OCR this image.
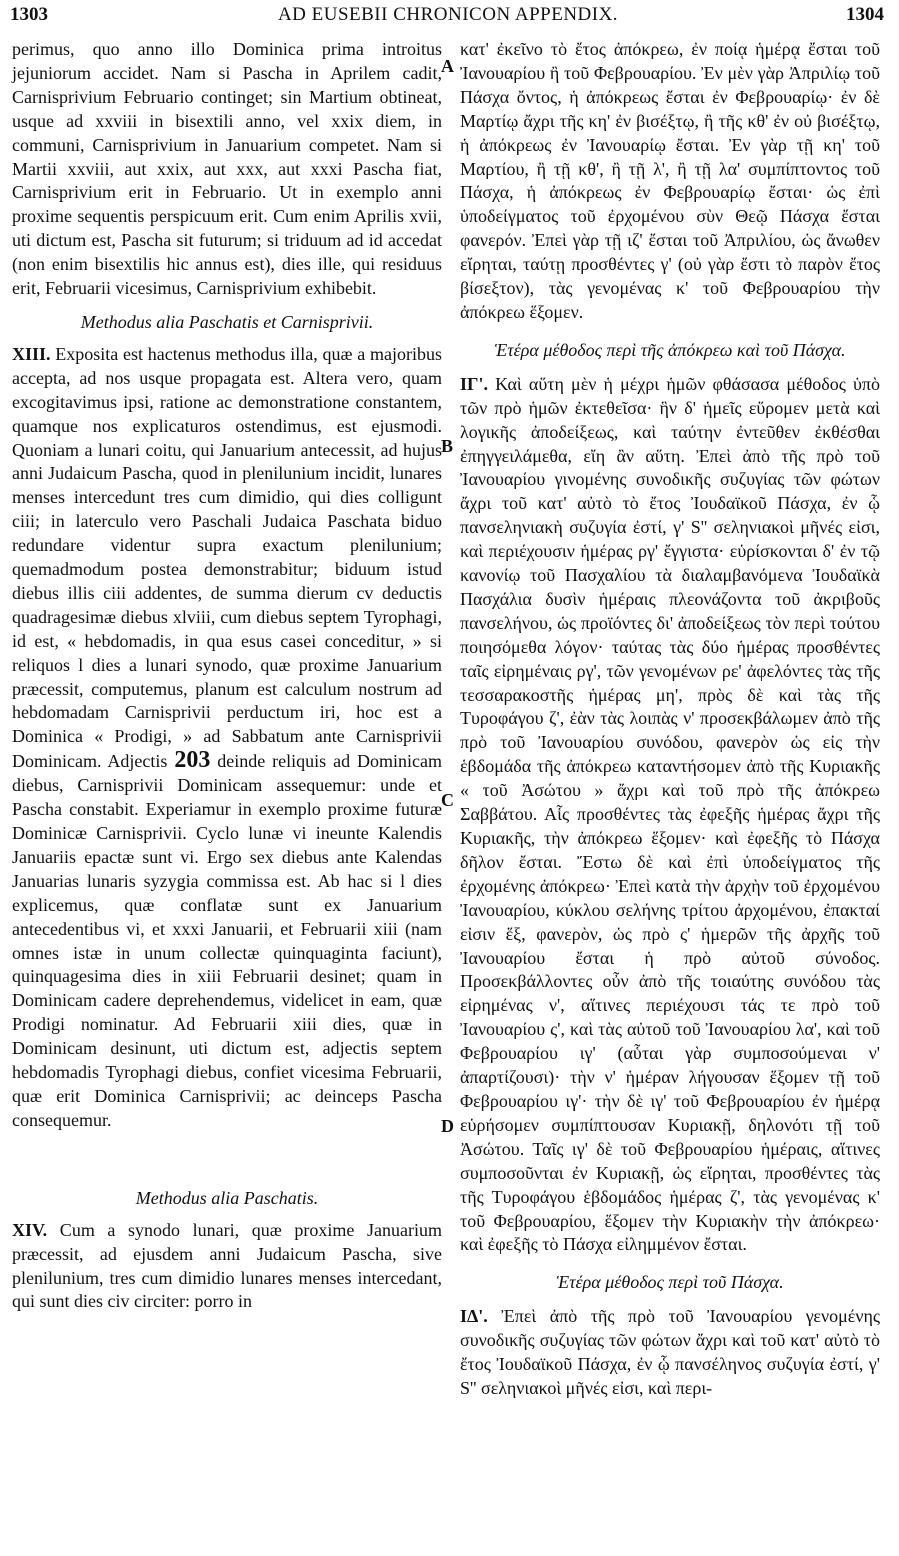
1303	AD EUSEBII CHRONICON APPENDIX.	1304
A
B
C
D

perimus, quo anno illo Dominica prima introitus jejuniorum accidet. Nam si Pascha in Aprilem cadit, Carnisprivium Februario continget; sin Martium obtineat, usque ad xxviii in bisextili anno, vel xxix diem, in communi, Carnisprivium in Januarium competet. Nam si Martii xxviii, aut xxix, aut xxx, aut xxxi Pascha fiat, Carnisprivium erit in Februario. Ut in exemplo anni proxime sequentis perspicuum erit. Cum enim Aprilis xvii, uti dictum est, Pascha sit futurum; si triduum ad id accedat (non enim bisextilis hic annus est), dies ille, qui residuus erit, Februarii vicesimus, Carnisprivium exhibebit.

Methodus alia Paschatis et Carnisprivii.

XIII. Exposita est hactenus methodus illa, quæ a majoribus accepta, ad nos usque propagata est. Altera vero, quam excogitavimus ipsi, ratione ac demonstratione constantem, quamque nos explicaturos ostendimus, est ejusmodi. Quoniam a lunari coitu, qui Januarium antecessit, ad hujus anni Judaicum Pascha, quod in plenilunium incidit, lunares menses intercedunt tres cum dimidio, qui dies colligunt ciii; in laterculo vero Paschali Judaica Paschata biduo redundare videntur supra exactum plenilunium; quemadmodum postea demonstrabitur; biduum istud diebus illis ciii addentes, de summa dierum cv deductis quadragesimæ diebus xlviii, cum diebus septem Tyrophagi, id est, « hebdomadis, in qua esus casei conceditur, » si reliquos l dies a lunari synodo, quæ proxime Januarium præcessit, computemus, planum est calculum nostrum ad hebdomadam Carnisprivii perductum iri, hoc est a Dominica « Prodigi, » ad Sabbatum ante Carnisprivii Dominicam. Adjectis 203 deinde reliquis ad Dominicam diebus, Carnisprivii Dominicam assequemur: unde et Pascha constabit. Experiamur in exemplo proxime futuræ Dominicæ Carnisprivii. Cyclo lunæ vi ineunte Kalendis Januariis epactæ sunt vi. Ergo sex diebus ante Kalendas Januarias lunaris syzygia commissa est. Ab hac si l dies explicemus, quæ conflatæ sunt ex Januarium antecedentibus vi, et xxxi Januarii, et Februarii xiii (nam omnes istæ in unum collectæ quinquaginta faciunt), quinquagesima dies in xiii Februarii desinet; quam in Dominicam cadere deprehendemus, videlicet in eam, quæ Prodigi nominatur. Ad Februarii xiii dies, quæ in Dominicam desinunt, uti dictum est, adjectis septem hebdomadis Tyrophagi diebus, confiet vicesima Februarii, quæ erit Dominica Carnisprivii; ac deinceps Pascha consequemur.

Methodus alia Paschatis.

XIV. Cum a synodo lunari, quæ proxime Januarium præcessit, ad ejusdem anni Judaicum Pascha, sive plenilunium, tres cum dimidio lunares menses intercedant, qui sunt dies civ circiter: porro in

κατ' ἐκεῖνο τὸ ἔτος ἀπόκρεω, ἐν ποίᾳ ἡμέρᾳ ἔσται τοῦ Ἰανουαρίου ἢ τοῦ Φεβρουαρίου. Ἐν μὲν γὰρ Ἀπριλίῳ τοῦ Πάσχα ὄντος, ἡ ἀπόκρεως ἔσται ἐν Φεβρουαρίῳ· ἐν δὲ Μαρτίῳ ἄχρι τῆς κη' ἐν βισέξτῳ, ἢ τῆς κθ' ἐν οὐ βισέξτῳ, ἡ ἀπόκρεως ἐν Ἰανουαρίῳ ἔσται. Ἐν γὰρ τῇ κη' τοῦ Μαρτίου, ἢ τῇ κθ', ἢ τῇ λ', ἢ τῇ λα' συμπίπτοντος τοῦ Πάσχα, ἡ ἀπόκρεως ἐν Φεβρουαρίῳ ἔσται· ὡς ἐπὶ ὑποδείγματος τοῦ ἐρχομένου σὺν Θεῷ Πάσχα ἔσται φανερόν. Ἐπεὶ γὰρ τῇ ιζ' ἔσται τοῦ Ἀπριλίου, ὡς ἄνωθεν εἴρηται, ταύτῃ προσθέντες γ' (οὐ γὰρ ἔστι τὸ παρὸν ἔτος βίσεξτον), τὰς γενομένας κ' τοῦ Φεβρουαρίου τὴν ἀπόκρεω ἕξομεν.

Ἑτέρα μέθοδος περὶ τῆς ἀπόκρεω καὶ τοῦ Πάσχα.

ΙΓ'. Καὶ αὕτη μὲν ἡ μέχρι ἡμῶν φθάσασα μέθοδος ὑπὸ τῶν πρὸ ἡμῶν ἐκτεθεῖσα· ἣν δ' ἡμεῖς εὕρομεν μετὰ καὶ λογικῆς ἀποδείξεως, καὶ ταύτην ἐντεῦθεν ἐκθέσθαι ἐπηγγειλάμεθα, εἴη ἂν αὕτη. Ἐπεὶ ἀπὸ τῆς πρὸ τοῦ Ἰανουαρίου γινομένης συνοδικῆς συζυγίας τῶν φώτων ἄχρι τοῦ κατ' αὐτὸ τὸ ἔτος Ἰουδαϊκοῦ Πάσχα, ἐν ᾧ πανσεληνιακὴ συζυγία ἐστί, γ' S'' σεληνιακοὶ μῆνές εἰσι, καὶ περιέχουσιν ἡμέρας ργ' ἔγγιστα· εὑρίσκονται δ' ἐν τῷ κανονίῳ τοῦ Πασχαλίου τὰ διαλαμβανόμενα Ἰουδαϊκὰ Πασχάλια δυσὶν ἡμέραις πλεονάζοντα τοῦ ἀκριβοῦς πανσελήνου, ὡς προϊόντες δι' ἀποδείξεως τὸν περὶ τούτου ποιησόμεθα λόγον· ταύτας τὰς δύο ἡμέρας προσθέντες ταῖς εἰρημέναις ργ', τῶν γενομένων ρε' ἀφελόντες τὰς τῆς τεσσαρακοστῆς ἡμέρας μη', πρὸς δὲ καὶ τὰς τῆς Τυροφάγου ζ', ἐὰν τὰς λοιπὰς ν' προσεκβάλωμεν ἀπὸ τῆς πρὸ τοῦ Ἰανουαρίου συνόδου, φανερὸν ὡς εἰς τὴν ἑβδομάδα τῆς ἀπόκρεω καταντήσομεν ἀπὸ τῆς Κυριακῆς « τοῦ Ἀσώτου » ἄχρι καὶ τοῦ πρὸ τῆς ἀπόκρεω Σαββάτου. Αἷς προσθέντες τὰς ἐφεξῆς ἡμέρας ἄχρι τῆς Κυριακῆς, τὴν ἀπόκρεω ἕξομεν· καὶ ἐφεξῆς τὸ Πάσχα δῆλον ἔσται. Ἔστω δὲ καὶ ἐπὶ ὑποδείγματος τῆς ἐρχομένης ἀπόκρεω· Ἐπεὶ κατὰ τὴν ἀρχὴν τοῦ ἐρχομένου Ἰανουαρίου, κύκλου σελήνης τρίτου ἀρχομένου, ἐπακταί εἰσιν ἕξ, φανερὸν, ὡς πρὸ ς' ἡμερῶν τῆς ἀρχῆς τοῦ Ἰανουαρίου ἔσται ἡ πρὸ αὐτοῦ σύνοδος. Προσεκβάλλοντες οὖν ἀπὸ τῆς τοιαύτης συνόδου τὰς εἰρημένας ν', αἵτινες περιέχουσι τάς τε πρὸ τοῦ Ἰανουαρίου ς', καὶ τὰς αὐτοῦ τοῦ Ἰανουαρίου λα', καὶ τοῦ Φεβρουαρίου ιγ' (αὗται γὰρ συμποσούμεναι ν' ἀπαρτίζουσι)· τὴν ν' ἡμέραν λήγουσαν ἕξομεν τῇ τοῦ Φεβρουαρίου ιγ'· τὴν δὲ ιγ' τοῦ Φεβρουαρίου ἐν ἡμέρᾳ εὑρήσομεν συμπίπτουσαν Κυριακῇ, δηλονότι τῇ τοῦ Ἀσώτου. Ταῖς ιγ' δὲ τοῦ Φεβρουαρίου ἡμέραις, αἵτινες συμποσοῦνται ἐν Κυριακῇ, ὡς εἴρηται, προσθέντες τὰς τῆς Τυροφάγου ἑβδομάδος ἡμέρας ζ', τὰς γενομένας κ' τοῦ Φεβρουαρίου, ἕξομεν τὴν Κυριακὴν τὴν ἀπόκρεω· καὶ ἐφεξῆς τὸ Πάσχα εἰλημμένον ἔσται.

Ἑτέρα μέθοδος περὶ τοῦ Πάσχα.

ΙΔ'. Ἐπεὶ ἀπὸ τῆς πρὸ τοῦ Ἰανουαρίου γενομένης συνοδικῆς συζυγίας τῶν φώτων ἄχρι καὶ τοῦ κατ' αὐτὸ τὸ ἔτος Ἰουδαϊκοῦ Πάσχα, ἐν ᾧ πανσέληνος συζυγία ἐστί, γ' S'' σεληνιακοὶ μῆνές εἰσι, καὶ περι-
